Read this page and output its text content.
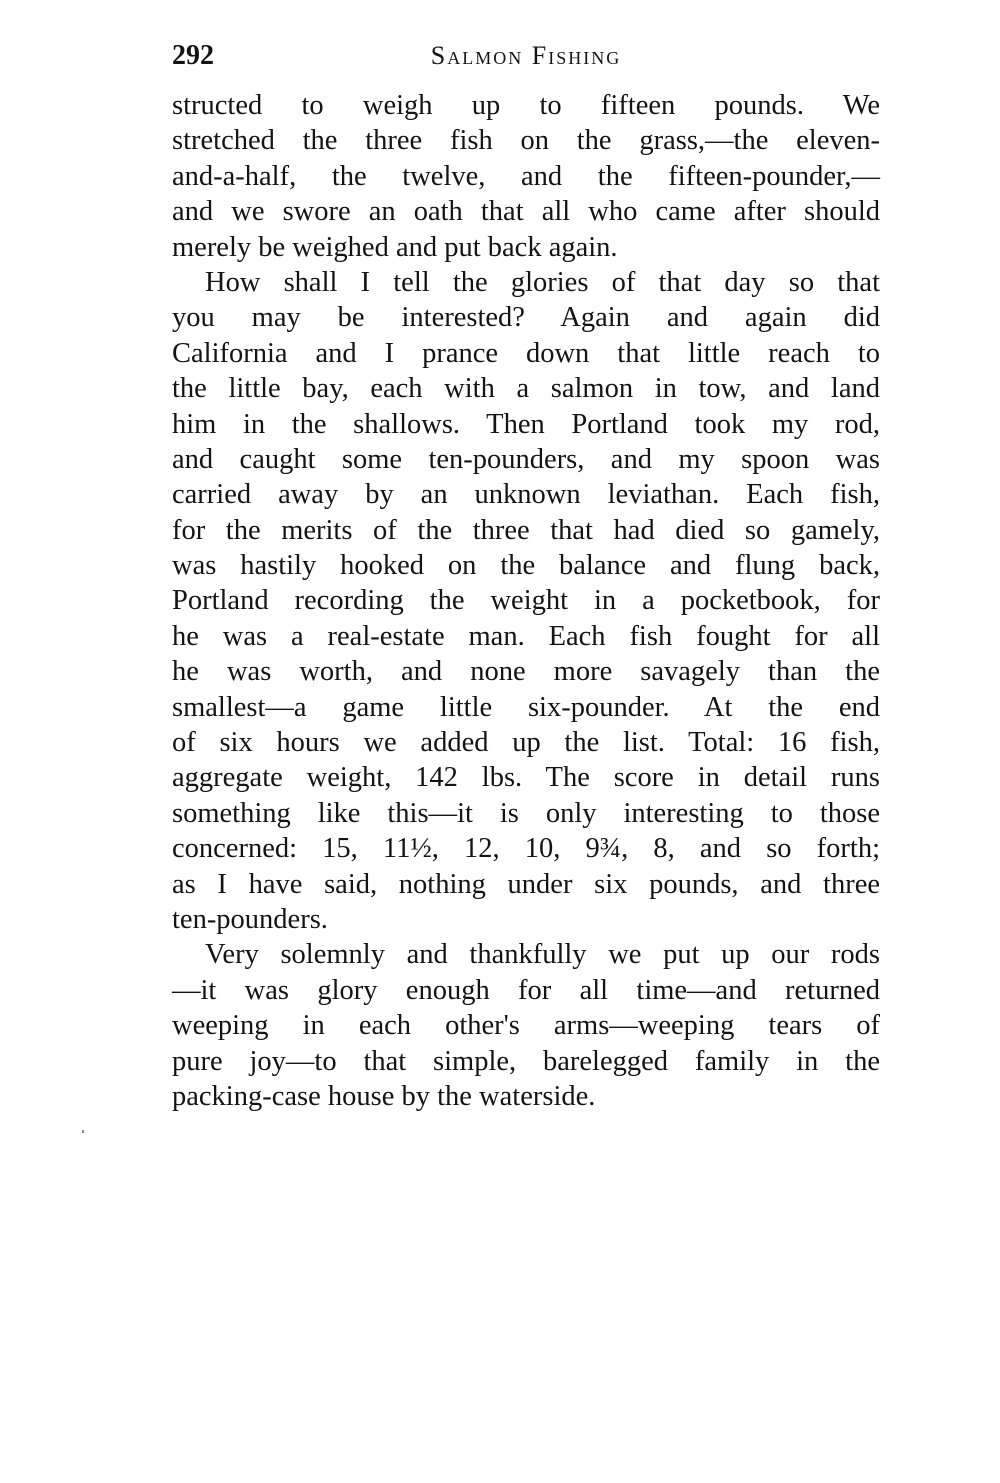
292	Salmon Fishing
structed to weigh up to fifteen pounds. We
stretched the three fish on the grass,—the eleven-
and-a-half, the twelve, and the fifteen-pounder,—
and we swore an oath that all who came after should
merely be weighed and put back again.
How shall I tell the glories of that day so that
you may be interested? Again and again did
California and I prance down that little reach to
the little bay, each with a salmon in tow, and land
him in the shallows. Then Portland took my rod,
and caught some ten-pounders, and my spoon was
carried away by an unknown leviathan. Each fish,
for the merits of the three that had died so gamely,
was hastily hooked on the balance and flung back,
Portland recording the weight in a pocketbook, for
he was a real-estate man. Each fish fought for all
he was worth, and none more savagely than the
smallest—a game little six-pounder. At the end
of six hours we added up the list. Total: 16 fish,
aggregate weight, 142 lbs. The score in detail runs
something like this—it is only interesting to those
concerned: 15, 11½, 12, 10, 9¾, 8, and so forth;
as I have said, nothing under six pounds, and three
ten-pounders.
Very solemnly and thankfully we put up our rods
—it was glory enough for all time—and returned
weeping in each other's arms—weeping tears of
pure joy—to that simple, barelegged family in the
packing-case house by the waterside.
